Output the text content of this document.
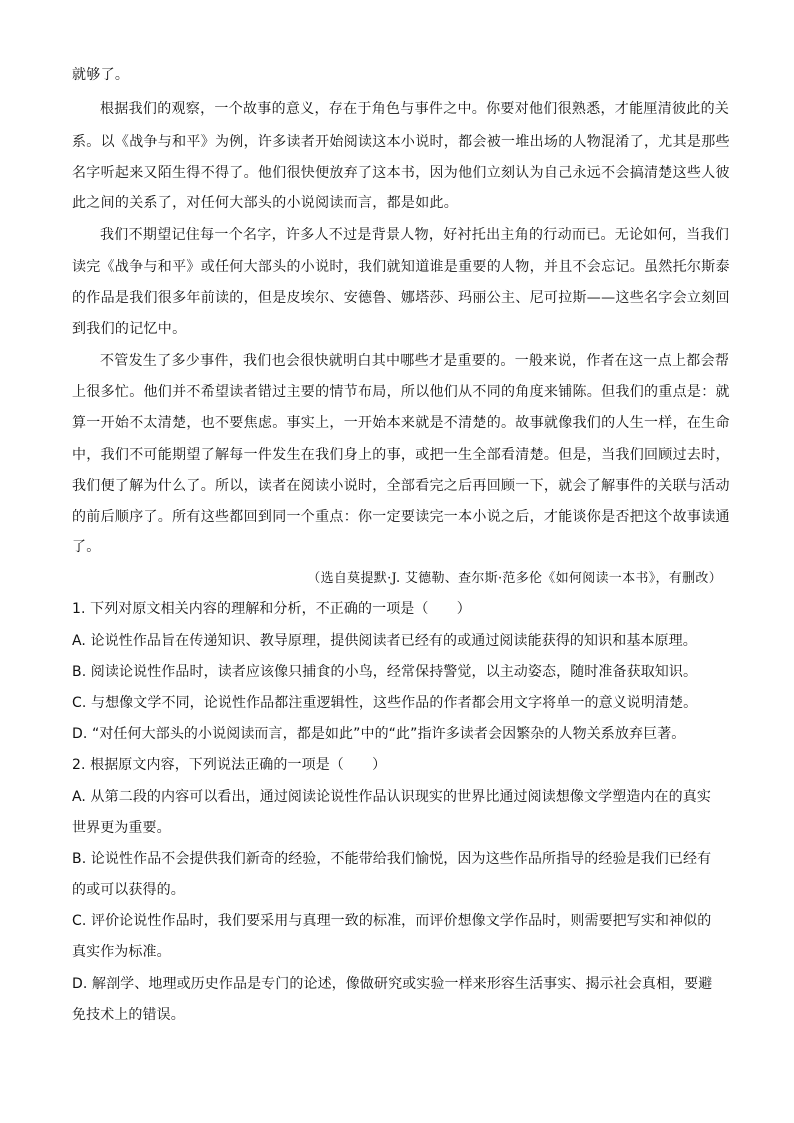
就够了。
根据我们的观察，一个故事的意义，存在于角色与事件之中。你要对他们很熟悉，才能厘清彼此的关
系。以《战争与和平》为例，许多读者开始阅读这本小说时，都会被一堆出场的人物混淆了，尤其是那些
名字听起来又陌生得不得了。他们很快便放弃了这本书，因为他们立刻认为自己永远不会搞清楚这些人彼
此之间的关系了，对任何大部头的小说阅读而言，都是如此。
我们不期望记住每一个名字，许多人不过是背景人物，好衬托出主角的行动而已。无论如何，当我们
读完《战争与和平》或任何大部头的小说时，我们就知道谁是重要的人物，并且不会忘记。虽然托尔斯泰
的作品是我们很多年前读的，但是皮埃尔、安德鲁、娜塔莎、玛丽公主、尼可拉斯——这些名字会立刻回
到我们的记忆中。
不管发生了多少事件，我们也会很快就明白其中哪些才是重要的。一般来说，作者在这一点上都会帮
上很多忙。他们并不希望读者错过主要的情节布局，所以他们从不同的角度来铺陈。但我们的重点是：就
算一开始不太清楚，也不要焦虑。事实上，一开始本来就是不清楚的。故事就像我们的人生一样，在生命
中，我们不可能期望了解每一件发生在我们身上的事，或把一生全部看清楚。但是，当我们回顾过去时，
我们便了解为什么了。所以，读者在阅读小说时，全部看完之后再回顾一下，就会了解事件的关联与活动
的前后顺序了。所有这些都回到同一个重点：你一定要读完一本小说之后，才能谈你是否把这个故事读通
了。
（选自莫提默·J. 艾德勒、查尔斯·范多伦《如何阅读一本书》，有删改）
1. 下列对原文相关内容的理解和分析，不正确的一项是（　　）
A. 论说性作品旨在传递知识、教导原理，提供阅读者已经有的或通过阅读能获得的知识和基本原理。
B. 阅读论说性作品时，读者应该像只捕食的小鸟，经常保持警觉，以主动姿态，随时准备获取知识。
C. 与想像文学不同，论说性作品都注重逻辑性，这些作品的作者都会用文字将单一的意义说明清楚。
D. “对任何大部头的小说阅读而言，都是如此”中的“此”指许多读者会因繁杂的人物关系放弃巨著。
2. 根据原文内容，下列说法正确的一项是（　　）
A. 从第二段的内容可以看出，通过阅读论说性作品认识现实的世界比通过阅读想像文学塑造内在的真实
世界更为重要。
B. 论说性作品不会提供我们新奇的经验，不能带给我们愉悦，因为这些作品所指导的经验是我们已经有
的或可以获得的。
C. 评价论说性作品时，我们要采用与真理一致的标准，而评价想像文学作品时，则需要把写实和神似的
真实作为标准。
D. 解剖学、地理或历史作品是专门的论述，像做研究或实验一样来形容生活事实、揭示社会真相，要避
免技术上的错误。
